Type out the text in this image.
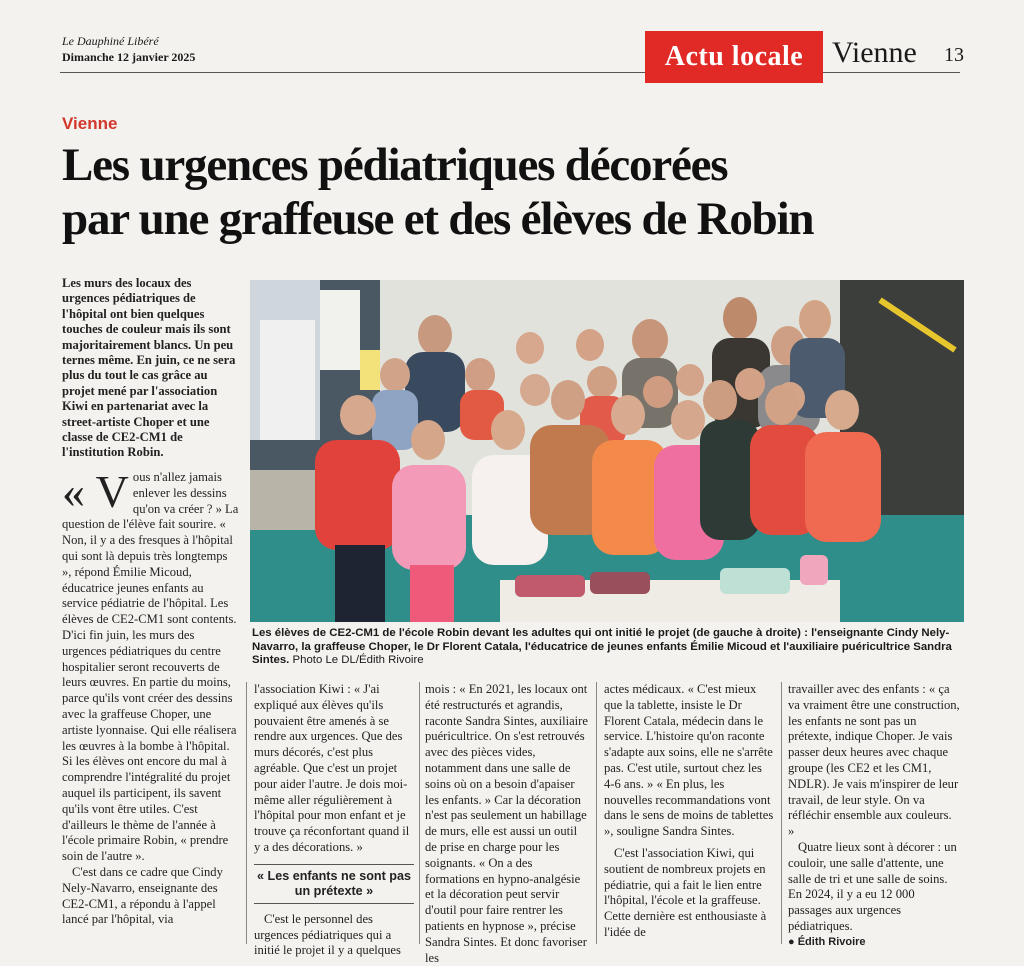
Le Dauphiné Libéré
Dimanche 12 janvier 2025	Actu locale Vienne 13
Vienne
Les urgences pédiatriques décorées
par une graffeuse et des élèves de Robin
Les murs des locaux des urgences pédiatriques de l'hôpital ont bien quelques touches de couleur mais ils sont majoritairement blancs. Un peu ternes même. En juin, ce ne sera plus du tout le cas grâce au projet mené par l'association Kiwi en partenariat avec la street-artiste Choper et une classe de CE2-CM1 de l'institution Robin.
« V ous n'allez jamais enlever les dessins qu'on va créer ? » La question de l'élève fait sourire. « Non, il y a des fresques à l'hôpital qui sont là depuis très longtemps », répond Émilie Micoud, éducatrice jeunes enfants au service pédiatrie de l'hôpital. Les élèves de CE2-CM1 sont contents. D'ici fin juin, les murs des urgences pédiatriques du centre hospitalier seront recouverts de leurs œuvres. En partie du moins, parce qu'ils vont créer des dessins avec la graffeuse Choper, une artiste lyonnaise. Qui elle réalisera les œuvres à la bombe à l'hôpital. Si les élèves ont encore du mal à comprendre l'intégralité du projet auquel ils participent, ils savent qu'ils vont être utiles. C'est d'ailleurs le thème de l'année à l'école primaire Robin, « prendre soin de l'autre ».

C'est dans ce cadre que Cindy Nely-Navarro, enseignante des CE2-CM1, a répondu à l'appel lancé par l'hôpital, via

Les élèves de CE2-CM1 de l'école Robin devant les adultes qui ont initié le projet (de gauche à droite) : l'enseignante Cindy Nely-Navarro, la graffeuse Choper, le Dr Florent Catala, l'éducatrice de jeunes enfants Émilie Micoud et l'auxiliaire puéricultrice Sandra Sintes. Photo Le DL/Édith Rivoire

l'association Kiwi : « J'ai expliqué aux élèves qu'ils pouvaient être amenés à se rendre aux urgences. Que des murs décorés, c'est plus agréable. Que c'est un projet pour aider l'autre. Je dois moi-même aller régulièrement à l'hôpital pour mon enfant et je trouve ça réconfortant quand il y a des décorations. »

« Les enfants ne sont pas un prétexte »

C'est le personnel des urgences pédiatriques qui a initié le projet il y a quelques

mois : « En 2021, les locaux ont été restructurés et agrandis, raconte Sandra Sintes, auxiliaire puéricultrice. On s'est retrouvés avec des pièces vides, notamment dans une salle de soins où on a besoin d'apaiser les enfants. » Car la décoration n'est pas seulement un habillage de murs, elle est aussi un outil de prise en charge pour les soignants. « On a des formations en hypno-analgésie et la décoration peut servir d'outil pour faire rentrer les patients en hypnose », précise Sandra Sintes. Et donc favoriser les

actes médicaux. « C'est mieux que la tablette, insiste le Dr Florent Catala, médecin dans le service. L'histoire qu'on raconte s'adapte aux soins, elle ne s'arrête pas. C'est utile, surtout chez les 4-6 ans. » « En plus, les nouvelles recommandations vont dans le sens de moins de tablettes », souligne Sandra Sintes.

C'est l'association Kiwi, qui soutient de nombreux projets en pédiatrie, qui a fait le lien entre l'hôpital, l'école et la graffeuse. Cette dernière est enthousiaste à l'idée de

travailler avec des enfants : « ça va vraiment être une construction, les enfants ne sont pas un prétexte, indique Choper. Je vais passer deux heures avec chaque groupe (les CE2 et les CM1, NDLR). Je vais m'inspirer de leur travail, de leur style. On va réfléchir ensemble aux couleurs. »

Quatre lieux sont à décorer : un couloir, une salle d'attente, une salle de tri et une salle de soins. En 2024, il y a eu 12 000 passages aux urgences pédiatriques.

● Édith Rivoire
